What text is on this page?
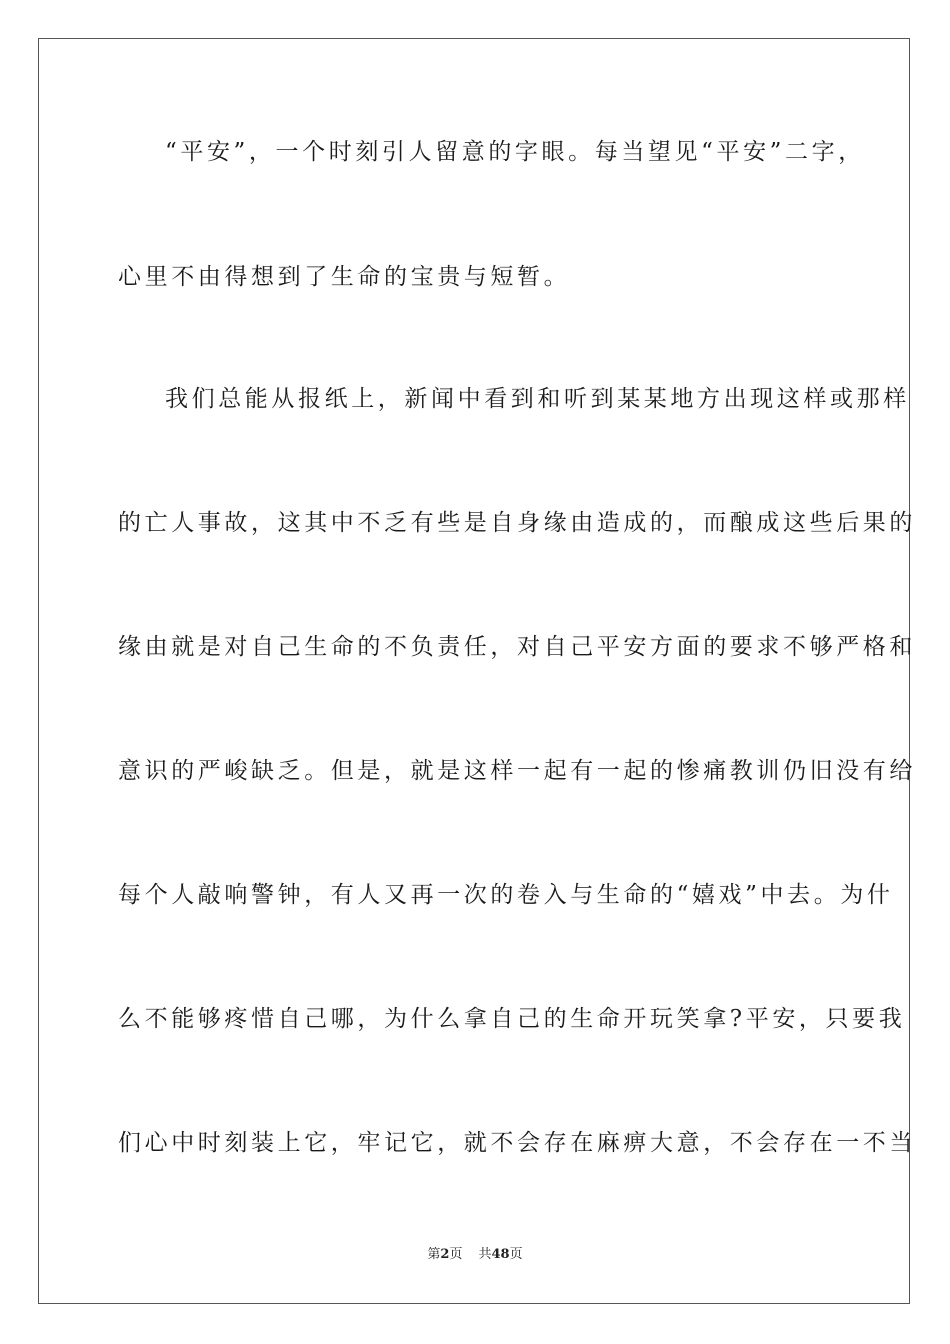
“平安”，一个时刻引人留意的字眼。每当望见“平安”二字，
心里不由得想到了生命的宝贵与短暂。
我们总能从报纸上，新闻中看到和听到某某地方出现这样或那样
的亡人事故，这其中不乏有些是自身缘由造成的，而酿成这些后果的
缘由就是对自己生命的不负责任，对自己平安方面的要求不够严格和
意识的严峻缺乏。但是，就是这样一起有一起的惨痛教训仍旧没有给
每个人敲响警钟，有人又再一次的卷入与生命的“嬉戏”中去。为什
么不能够疼惜自己哪，为什么拿自己的生命开玩笑拿?平安，只要我
们心中时刻装上它，牢记它，就不会存在麻痹大意，不会存在一不当
第2页 共48页
